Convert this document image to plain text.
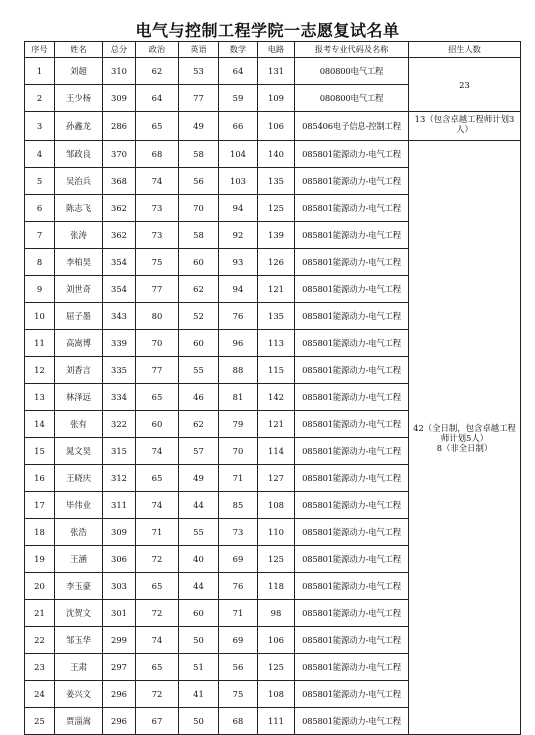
电气与控制工程学院一志愿复试名单
序号	姓名	总分	政治	英语	数学	电路	报考专业代码及名称	招生人数
1	刘超	310	62	53	64	131	080800电气工程	23
2	王少杨	309	64	77	59	109	080800电气工程	
3	孙鑫龙	286	65	49	66	106	085406电子信息-控制工程	13（包含卓越工程师计划3人）
4	邹政良	370	68	58	104	140	085801能源动力-电气工程	42（全日制，包含卓越工程师计划5人）
8（非全日制）
5	吴治兵	368	74	56	103	135	085801能源动力-电气工程	
6	陈志飞	362	73	70	94	125	085801能源动力-电气工程	
7	张涛	362	73	58	92	139	085801能源动力-电气工程	
8	李柏昊	354	75	60	93	126	085801能源动力-电气工程	
9	刘世奇	354	77	62	94	121	085801能源动力-电气工程	
10	屈子墨	343	80	52	76	135	085801能源动力-电气工程	
11	高嵩博	339	70	60	96	113	085801能源动力-电气工程	
12	刘香言	335	77	55	88	115	085801能源动力-电气工程	
13	林泽远	334	65	46	81	142	085801能源动力-电气工程	
14	张有	322	60	62	79	121	085801能源动力-电气工程	
15	晁文昊	315	74	57	70	114	085801能源动力-电气工程	
16	王晓庆	312	65	49	71	127	085801能源动力-电气工程	
17	毕伟业	311	74	44	85	108	085801能源动力-电气工程	
18	张浩	309	71	55	73	110	085801能源动力-电气工程	
19	王涵	306	72	40	69	125	085801能源动力-电气工程	
20	李玉豪	303	65	44	76	118	085801能源动力-电气工程	
21	沈贺文	301	72	60	71	98	085801能源动力-电气工程	
22	邹玉华	299	74	50	69	106	085801能源动力-电气工程	
23	王肃	297	65	51	56	125	085801能源动力-电气工程	
24	姜兴文	296	72	41	75	108	085801能源动力-电气工程	
25	贾淄嵩	296	67	50	68	111	085801能源动力-电气工程	
